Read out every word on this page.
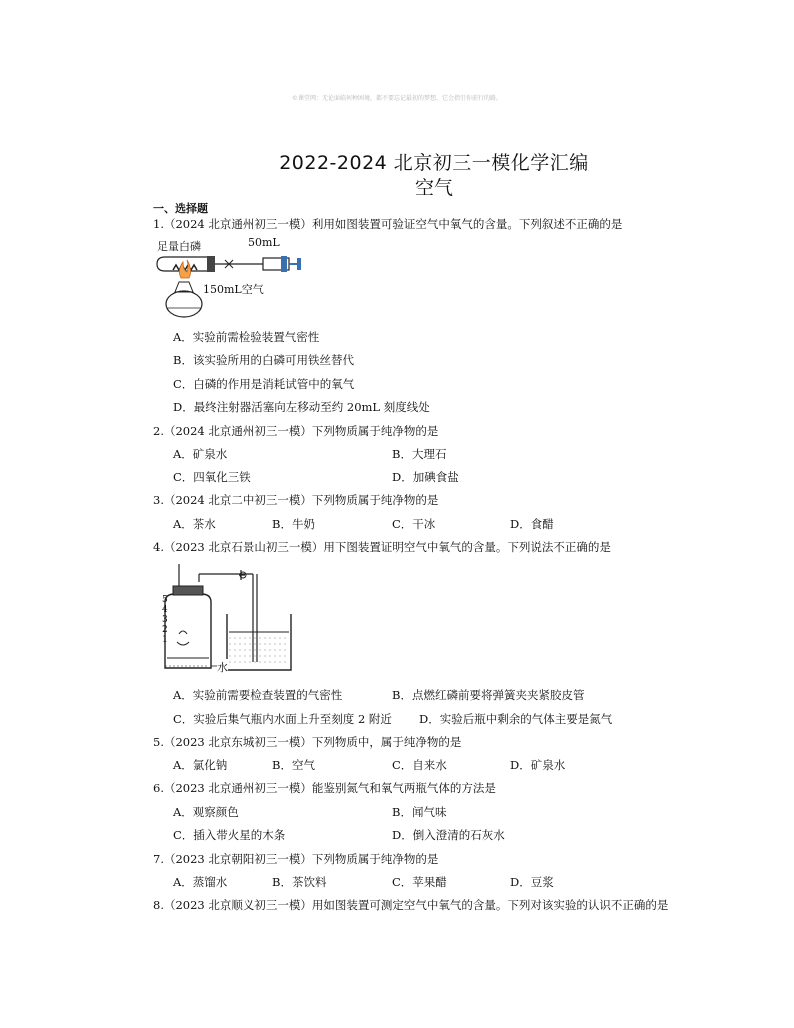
©课堂网：无论面临何种困境，都不要忘记最初的梦想，它会指引你前行的路。
2022-2024 北京初三一模化学汇编
空气
一、选择题
1.（2024 北京通州初三一模）利用如图装置可验证空气中氧气的含量。下列叙述不正确的是
足量白磷	50mL
150mL空气
A．实验前需检验装置气密性
B．该实验所用的白磷可用铁丝替代
C．白磷的作用是消耗试管中的氧气
D．最终注射器活塞向左移动至约 20mL 刻度线处
2.（2024 北京通州初三一模）下列物质属于纯净物的是
A．矿泉水	B．大理石
C．四氧化三铁	D．加碘食盐
3.（2024 北京二中初三一模）下列物质属于纯净物的是
A．茶水	B．牛奶	C．干冰	D．食醋
4.（2023 北京石景山初三一模）用下图装置证明空气中氧气的含量。下列说法不正确的是
5
4
3
2
1
水
A．实验前需要检查装置的气密性	B．点燃红磷前要将弹簧夹夹紧胶皮管
C．实验后集气瓶内水面上升至刻度 2 附近 D．实验后瓶中剩余的气体主要是氮气
5.（2023 北京东城初三一模）下列物质中，属于纯净物的是
A．氯化钠	B．空气	C．自来水	D．矿泉水
6.（2023 北京通州初三一模）能鉴别氮气和氧气两瓶气体的方法是
A．观察颜色	B．闻气味
C．插入带火星的木条	D．倒入澄清的石灰水
7.（2023 北京朝阳初三一模）下列物质属于纯净物的是
A．蒸馏水	B．茶饮料	C．苹果醋	D．豆浆
8.（2023 北京顺义初三一模）用如图装置可测定空气中氧气的含量。下列对该实验的认识不正确的是
